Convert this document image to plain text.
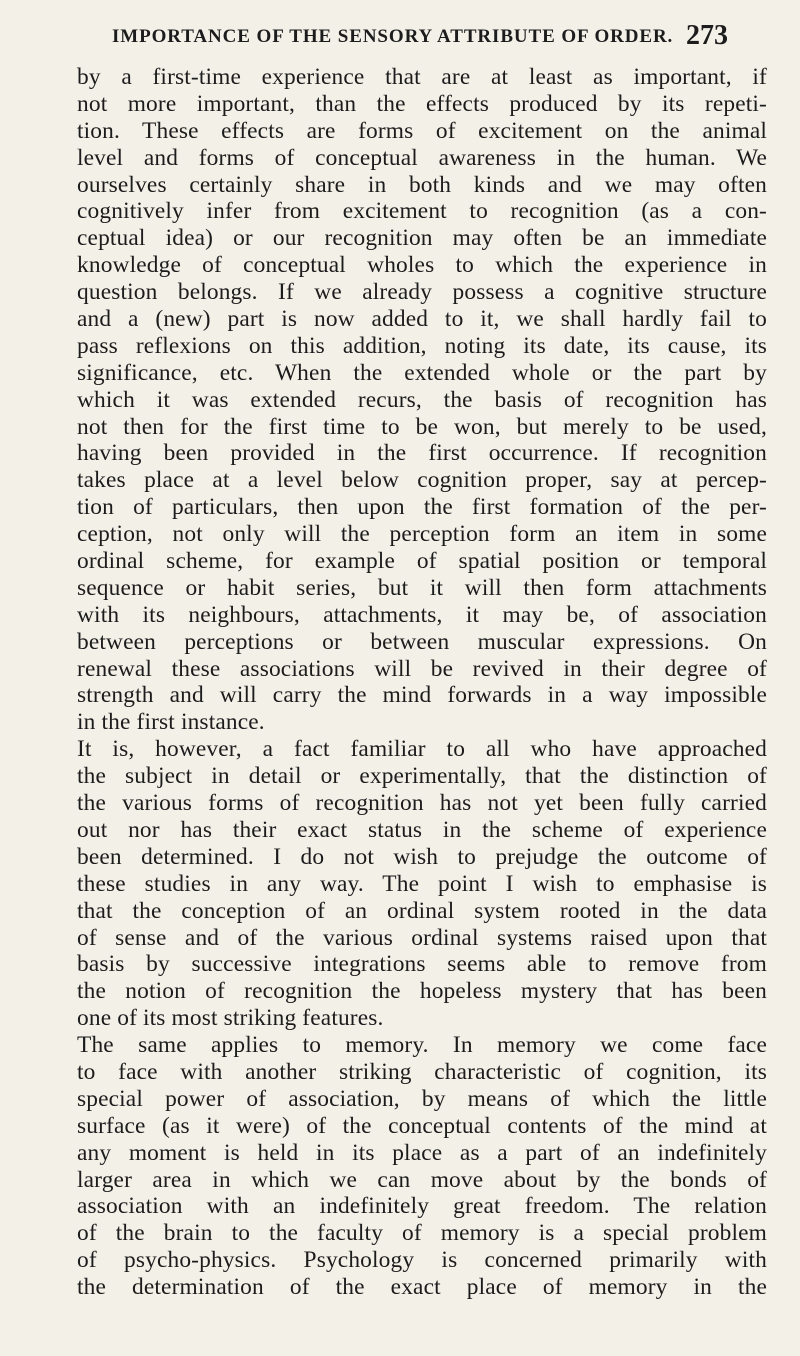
IMPORTANCE OF THE SENSORY ATTRIBUTE OF ORDER. 273
by a first-time experience that are at least as important, if
not more important, than the effects produced by its repeti-
tion. These effects are forms of excitement on the animal
level and forms of conceptual awareness in the human. We
ourselves certainly share in both kinds and we may often
cognitively infer from excitement to recognition (as a con-
ceptual idea) or our recognition may often be an immediate
knowledge of conceptual wholes to which the experience in
question belongs. If we already possess a cognitive structure
and a (new) part is now added to it, we shall hardly fail to
pass reflexions on this addition, noting its date, its cause, its
significance, etc. When the extended whole or the part by
which it was extended recurs, the basis of recognition has
not then for the first time to be won, but merely to be used,
having been provided in the first occurrence. If recognition
takes place at a level below cognition proper, say at percep-
tion of particulars, then upon the first formation of the per-
ception, not only will the perception form an item in some
ordinal scheme, for example of spatial position or temporal
sequence or habit series, but it will then form attachments
with its neighbours, attachments, it may be, of association
between perceptions or between muscular expressions. On
renewal these associations will be revived in their degree of
strength and will carry the mind forwards in a way impossible
in the first instance.
It is, however, a fact familiar to all who have approached
the subject in detail or experimentally, that the distinction of
the various forms of recognition has not yet been fully carried
out nor has their exact status in the scheme of experience
been determined. I do not wish to prejudge the outcome of
these studies in any way. The point I wish to emphasise is
that the conception of an ordinal system rooted in the data
of sense and of the various ordinal systems raised upon that
basis by successive integrations seems able to remove from
the notion of recognition the hopeless mystery that has been
one of its most striking features.
The same applies to memory. In memory we come face
to face with another striking characteristic of cognition, its
special power of association, by means of which the little
surface (as it were) of the conceptual contents of the mind at
any moment is held in its place as a part of an indefinitely
larger area in which we can move about by the bonds of
association with an indefinitely great freedom. The relation
of the brain to the faculty of memory is a special problem
of psycho-physics. Psychology is concerned primarily with
the determination of the exact place of memory in the
